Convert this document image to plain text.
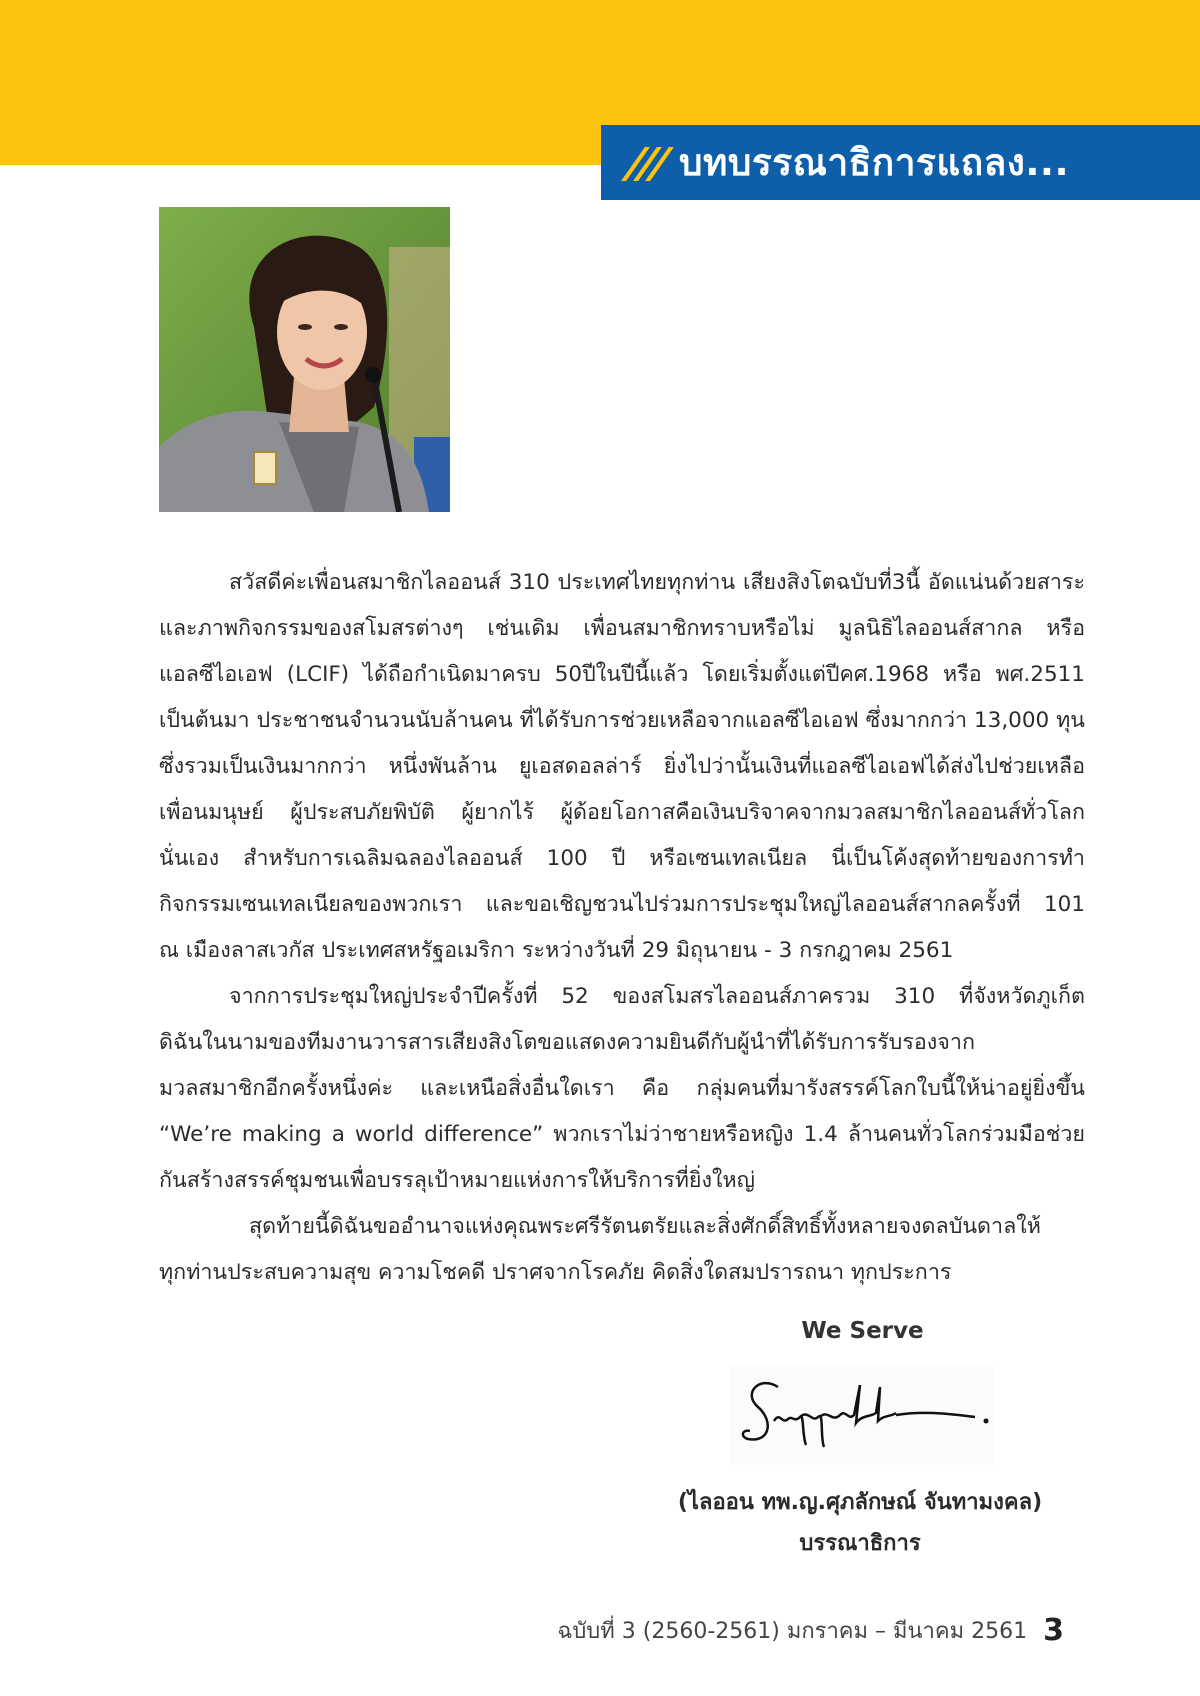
บทบรรณาธิการแถลง...
สวัสดีค่ะเพื่อนสมาชิกไลออนส์ 310 ประเทศไทยทุกท่าน เสียงสิงโตฉบับที่3นี้ อัดแน่นด้วยสาระ
และภาพกิจกรรมของสโมสรต่างๆ เช่นเดิม เพื่อนสมาชิกทราบหรือไม่ มูลนิธิไลออนส์สากล หรือ
แอลซีไอเอฟ (LCIF) ได้ถือกำเนิดมาครบ 50ปีในปีนี้แล้ว โดยเริ่มตั้งแต่ปีคศ.1968 หรือ พศ.2511
เป็นต้นมา ประชาชนจำนวนนับล้านคน ที่ได้รับการช่วยเหลือจากแอลซีไอเอฟ ซึ่งมากกว่า 13,000 ทุน
ซึ่งรวมเป็นเงินมากกว่า หนึ่งพันล้าน ยูเอสดอลล่าร์ ยิ่งไปว่านั้นเงินที่แอลซีไอเอฟได้ส่งไปช่วยเหลือ
เพื่อนมนุษย์ ผู้ประสบภัยพิบัติ ผู้ยากไร้ ผู้ด้อยโอกาสคือเงินบริจาคจากมวลสมาชิกไลออนส์ทั่วโลก
นั่นเอง สำหรับการเฉลิมฉลองไลออนส์ 100 ปี หรือเซนเทลเนียล นี่เป็นโค้งสุดท้ายของการทำ
กิจกรรมเซนเทลเนียลของพวกเรา และขอเชิญชวนไปร่วมการประชุมใหญ่ไลออนส์สากลครั้งที่ 101
ณ เมืองลาสเวกัส ประเทศสหรัฐอเมริกา ระหว่างวันที่ 29 มิถุนายน - 3 กรกฎาคม 2561
จากการประชุมใหญ่ประจำปีครั้งที่ 52 ของสโมสรไลออนส์ภาครวม 310 ที่จังหวัดภูเก็ต
ดิฉันในนามของทีมงานวารสารเสียงสิงโตขอแสดงความยินดีกับผู้นำที่ได้รับการรับรองจาก
มวลสมาชิกอีกครั้งหนึ่งค่ะ และเหนือสิ่งอื่นใดเรา คือ กลุ่มคนที่มารังสรรค์โลกใบนี้ให้น่าอยู่ยิ่งขึ้น
“We’re making a world difference” พวกเราไม่ว่าชายหรือหญิง 1.4 ล้านคนทั่วโลกร่วมมือช่วย
กันสร้างสรรค์ชุมชนเพื่อบรรลุเป้าหมายแห่งการให้บริการที่ยิ่งใหญ่
สุดท้ายนี้ดิฉันขออำนาจแห่งคุณพระศรีรัตนตรัยและสิ่งศักดิ์สิทธิ์ทั้งหลายจงดลบันดาลให้
ทุกท่านประสบความสุข ความโชคดี ปราศจากโรคภัย คิดสิ่งใดสมปรารถนา ทุกประการ
We Serve
(ไลออน ทพ.ญ.ศุภลักษณ์ จันทามงคล)
บรรณาธิการ
ฉบับที่ 3 (2560-2561) มกราคม – มีนาคม 2561 3
